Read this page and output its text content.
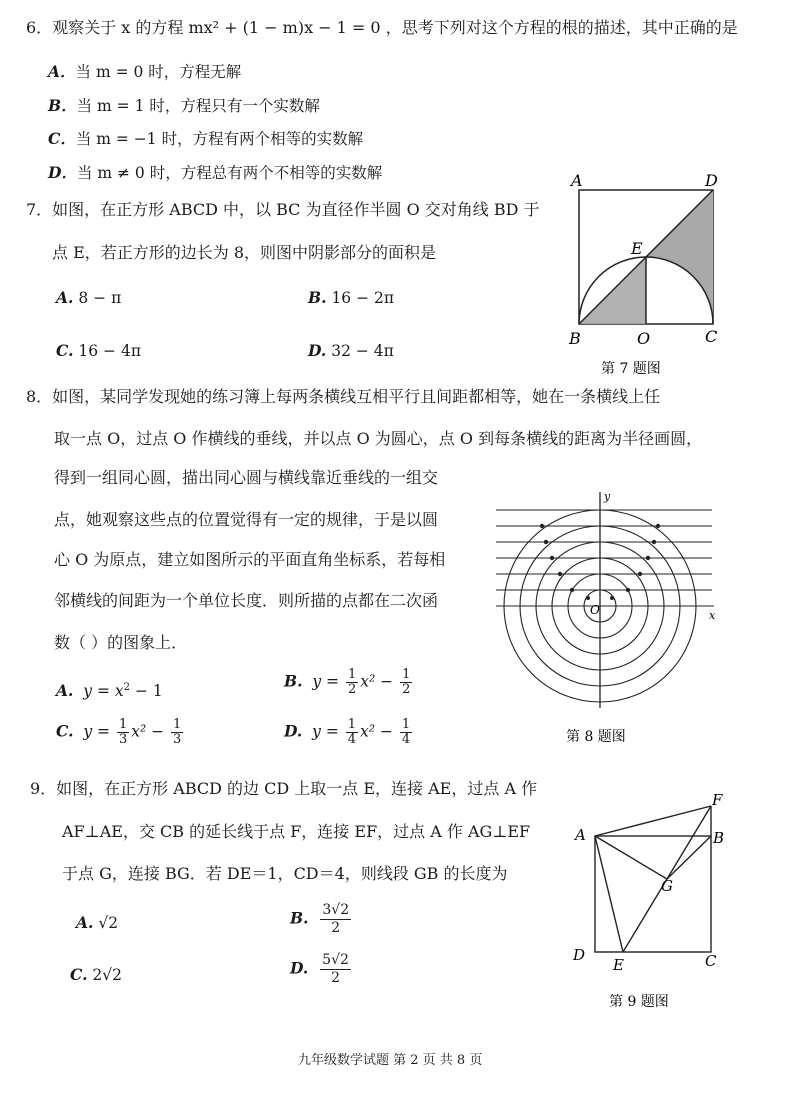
6．观察关于 x 的方程 mx² + (1 − m)x − 1 = 0 ，思考下列对这个方程的根的描述，其中正确的是
A．当 m = 0 时，方程无解
B．当 m = 1 时，方程只有一个实数解
C．当 m = −1 时，方程有两个相等的实数解
D．当 m ≠ 0 时，方程总有两个不相等的实数解
7．如图，在正方形 ABCD 中，以 BC 为直径作半圆 O 交对角线 BD 于
点 E，若正方形的边长为 8，则图中阴影部分的面积是
A. 8 − π	B. 16 − 2π
C. 16 − 4π	D. 32 − 4π
A	D
E
B	O	C
第 7 题图
8．如图，某同学发现她的练习簿上每两条横线互相平行且间距都相等，她在一条横线上任
取一点 O，过点 O 作横线的垂线，并以点 O 为圆心，点 O 到每条横线的距离为半径画圆，
得到一组同心圆，描出同心圆与横线靠近垂线的一组交
点，她观察这些点的位置觉得有一定的规律，于是以圆
心 O 为原点，建立如图所示的平面直角坐标系，若每相
邻横线的间距为一个单位长度．则所描的点都在二次函
数（ ）的图象上．
A. $y = x^2 - 1$
B. $y = \frac{1}{2} x^2 - \frac{1}{2}$
C. $y = \frac{1}{3} x^2 - \frac{1}{3}$	D. $y = \frac{1}{4} x^2 - \frac{1}{4}$
y
x
O
第 8 题图
9．如图，在正方形 ABCD 的边 CD 上取一点 E，连接 AE，过点 A 作
AF⊥AE，交 CB 的延长线于点 F，连接 EF，过点 A 作 AG⊥EF
于点 G，连接 BG．若 DE＝1，CD＝4，则线段 GB 的长度为
A. √2	B. $\frac{3√2}{2}$
C. 2√2	D. $\frac{5√2}{2}$
F
A	B
G
D
E	C
第 9 题图
九年级数学试题 第 2 页 共 8 页
